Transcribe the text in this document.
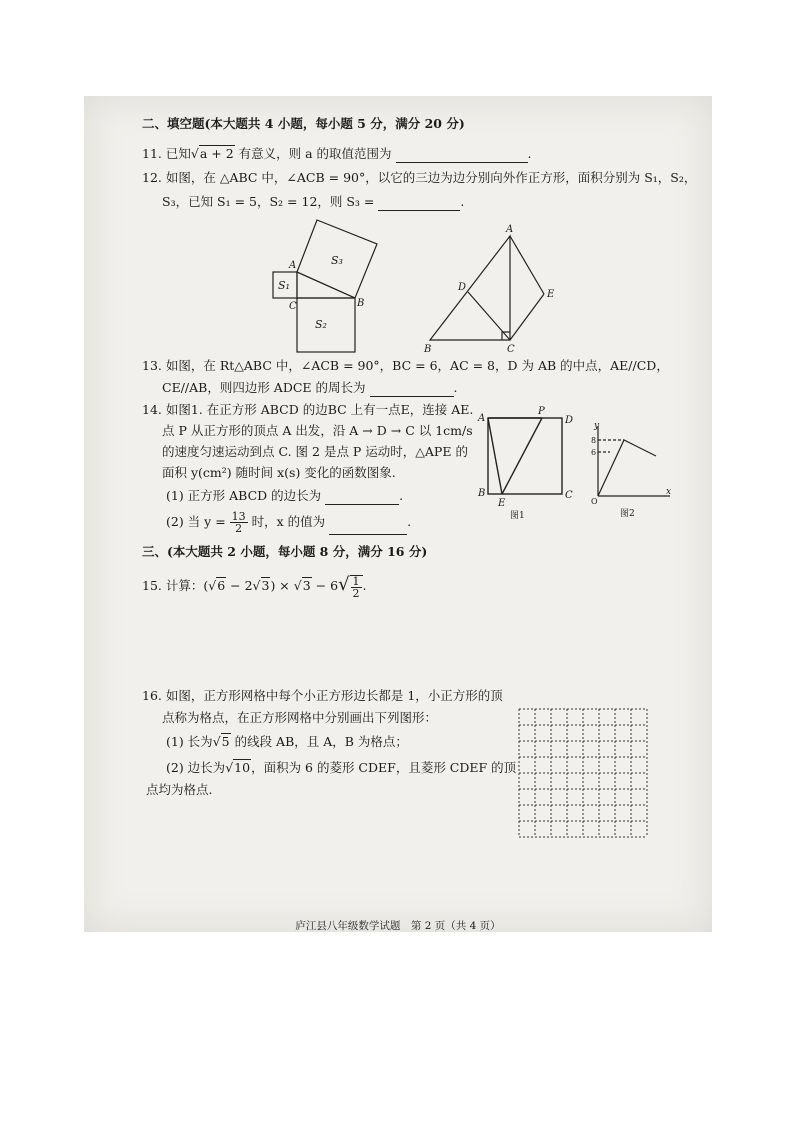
二、填空题(本大题共 4 小题，每小题 5 分，满分 20 分)
11. 已知√a + 2 有意义，则 a 的取值范围为	.
12. 如图，在 △ABC 中，∠ACB = 90°，以它的三边为边分别向外作正方形，面积分别为 S₁，S₂，
S₃，已知 S₁ = 5，S₂ = 12，则 S₃ =	.
A
B
C
S₁
S₂
S₃
A
B	C
D
E
13. 如图，在 Rt△ABC 中，∠ACB = 90°，BC = 6，AC = 8，D 为 AB 的中点，AE//CD，
CE//AB，则四边形 ADCE 的周长为	.
14. 如图1. 在正方形 ABCD 的边BC 上有一点E，连接 AE.
点 P 从正方形的顶点 A 出发，沿 A → D → C 以 1cm/s
的速度匀速运动到点 C. 图 2 是点 P 运动时，△APE 的
面积 y(cm²) 随时间 x(s) 变化的函数图象.
(1) 正方形 ABCD 的边长为	.
(2) 当 $y = \frac{13}{2}$ 时，x 的值为	.
A
P
D
B
E
C
图1
y
x
O
8
6
图2
三、(本大题共 2 小题，每小题 8 分，满分 16 分)
15. 计算：$(√6 - 2√3) \times √3 - 6√ \frac{1}{2}$ .
16. 如图，正方形网格中每个小正方形边长都是 1，小正方形的顶
点称为格点，在正方形网格中分别画出下列图形：
(1) 长为√5 的线段 AB，且 A，B 为格点；
(2) 边长为√10，面积为 6 的菱形 CDEF，且菱形 CDEF 的顶
点均为格点.
庐江县八年级数学试题　第 2 页（共 4 页）
